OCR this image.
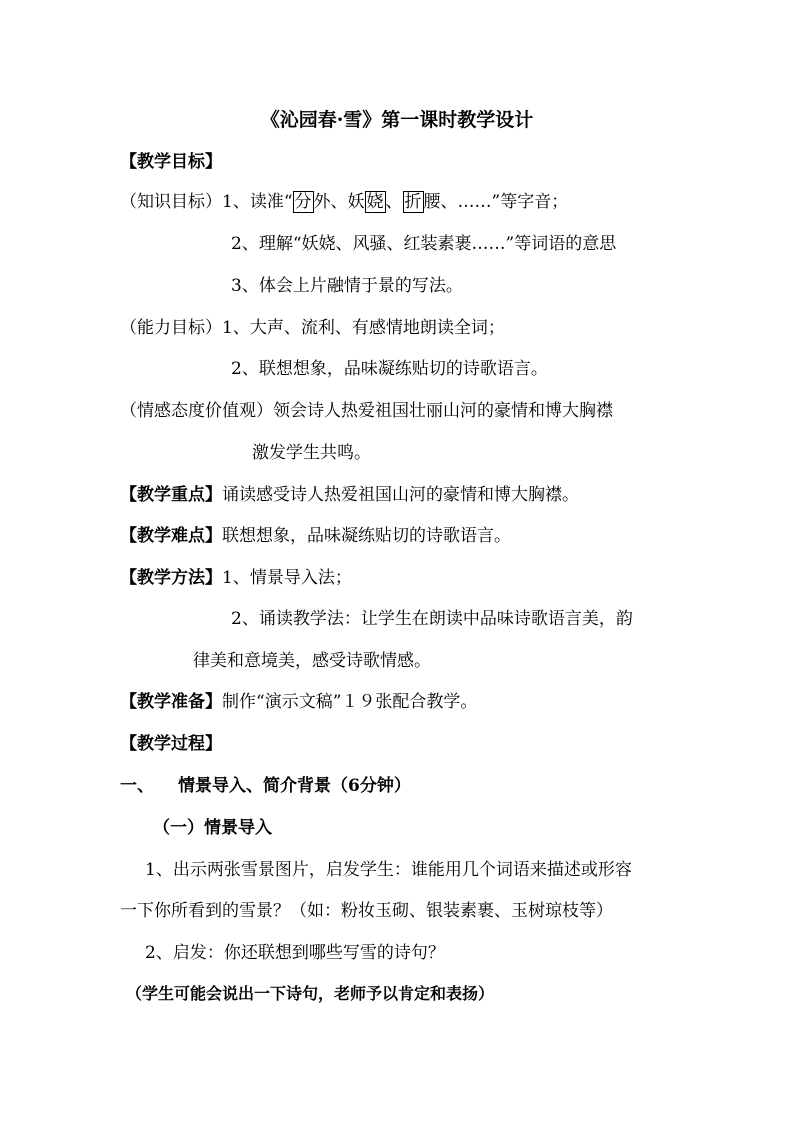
《沁园春·雪》第一课时教学设计
【教学目标】
（知识目标）1、读准“ 分 外、妖 娆 、 折 腰、……”等字音；
2、理解“妖娆、风骚、红装素裹……”等词语的意思
3、体会上片融情于景的写法。
（能力目标）1、大声、流利、有感情地朗读全词；
2、联想想象，品味凝练贴切的诗歌语言。
（情感态度价值观）领会诗人热爱祖国壮丽山河的豪情和博大胸襟
激发学生共鸣。
【教学重点】诵读感受诗人热爱祖国山河的豪情和博大胸襟。
【教学难点】联想想象，品味凝练贴切的诗歌语言。
【教学方法】1、情景导入法；
2、诵读教学法：让学生在朗读中品味诗歌语言美，韵
律美和意境美，感受诗歌情感。
【教学准备】制作“演示文稿”１９张配合教学。
【教学过程】
一、 情景导入、简介背景（6分钟）
（一）情景导入
1、出示两张雪景图片，启发学生：谁能用几个词语来描述或形容
一下你所看到的雪景？（如：粉妆玉砌、银装素裹、玉树琼枝等）
2、启发：你还联想到哪些写雪的诗句？
（学生可能会说出一下诗句，老师予以肯定和表扬）
